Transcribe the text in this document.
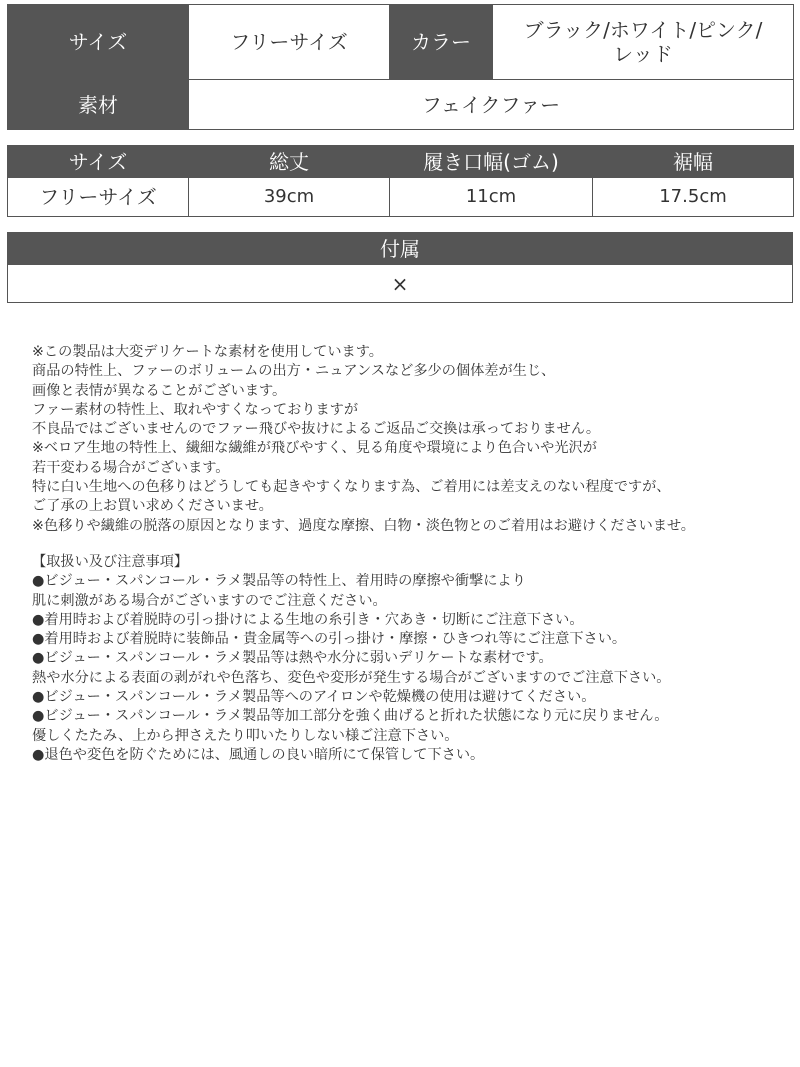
サイズ	フリーサイズ	カラー	ブラック/ホワイト/ピンク/
レッド

素材	フェイクファー		
サイズ	総丈	履き口幅(ゴム)	裾幅
フリーサイズ	39cm	11cm	17.5cm
付属
×
※この製品は大変デリケートな素材を使用しています。
商品の特性上、ファーのボリュームの出方・ニュアンスなど多少の個体差が生じ、
画像と表情が異なることがございます。
ファー素材の特性上、取れやすくなっておりますが
不良品ではございませんのでファー飛びや抜けによるご返品ご交換は承っておりません。
※ベロア生地の特性上、繊細な繊維が飛びやすく、見る角度や環境により色合いや光沢が
若干変わる場合がございます。
特に白い生地への色移りはどうしても起きやすくなります為、ご着用には差支えのない程度ですが、
ご了承の上お買い求めくださいませ。
※色移りや繊維の脱落の原因となります、過度な摩擦、白物・淡色物とのご着用はお避けくださいませ。
【取扱い及び注意事項】
●ビジュー・スパンコール・ラメ製品等の特性上、着用時の摩擦や衝撃により
肌に刺激がある場合がございますのでご注意ください。
●着用時および着脱時の引っ掛けによる生地の糸引き・穴あき・切断にご注意下さい。
●着用時および着脱時に装飾品・貴金属等への引っ掛け・摩擦・ひきつれ等にご注意下さい。
●ビジュー・スパンコール・ラメ製品等は熱や水分に弱いデリケートな素材です。
熱や水分による表面の剥がれや色落ち、変色や変形が発生する場合がございますのでご注意下さい。
●ビジュー・スパンコール・ラメ製品等へのアイロンや乾燥機の使用は避けてください。
●ビジュー・スパンコール・ラメ製品等加工部分を強く曲げると折れた状態になり元に戻りません。
優しくたたみ、上から押さえたり叩いたりしない様ご注意下さい。
●退色や変色を防ぐためには、風通しの良い暗所にて保管して下さい。
